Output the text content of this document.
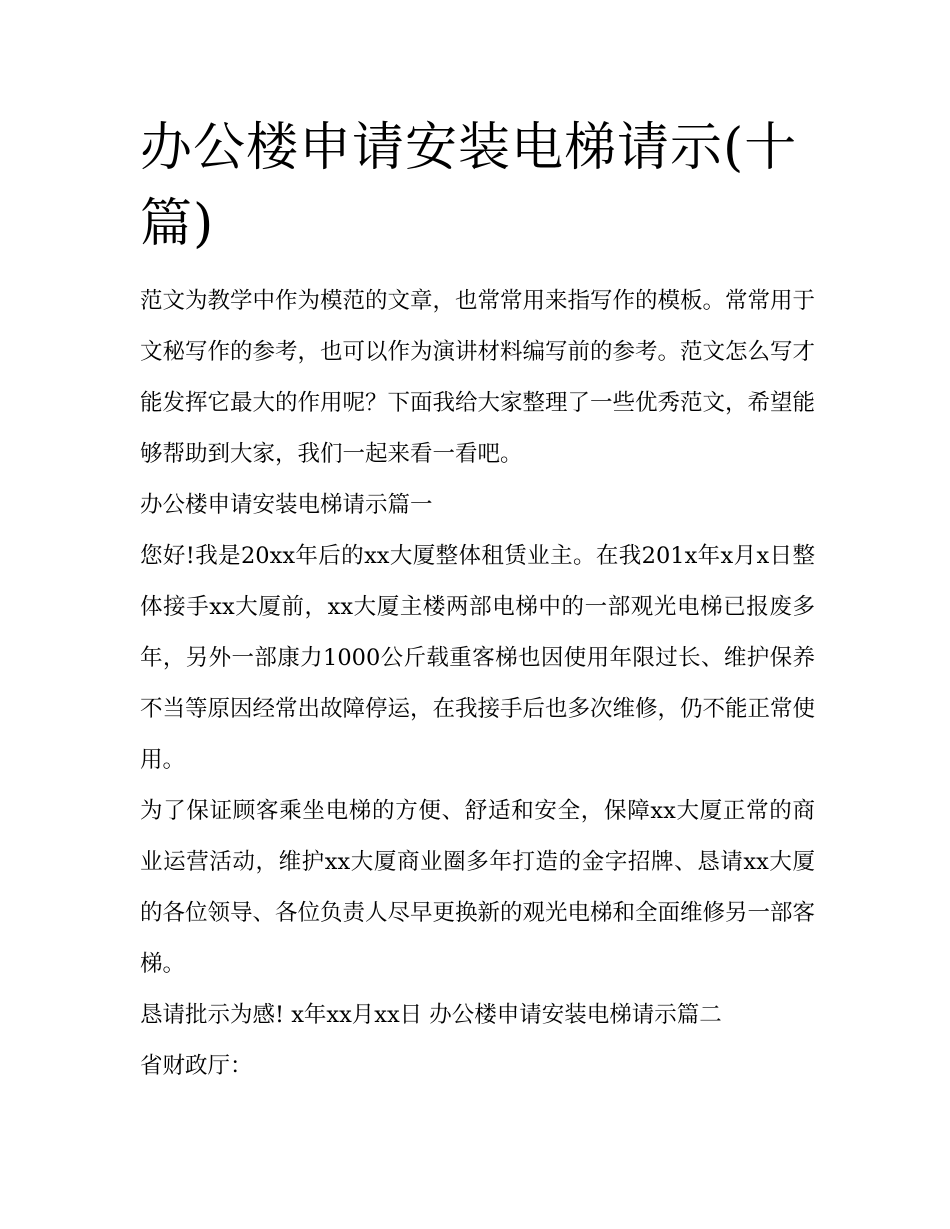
办公楼申请安装电梯请示(十篇)

范文为教学中作为模范的文章，也常常用来指写作的模板。常常用于文秘写作的参考，也可以作为演讲材料编写前的参考。范文怎么写才能发挥它最大的作用呢？下面我给大家整理了一些优秀范文，希望能够帮助到大家，我们一起来看一看吧。

办公楼申请安装电梯请示篇一

您好!我是20xx年后的xx大厦整体租赁业主。在我201x年x月x日整体接手xx大厦前，xx大厦主楼两部电梯中的一部观光电梯已报废多年，另外一部康力1000公斤载重客梯也因使用年限过长、维护保养不当等原因经常出故障停运，在我接手后也多次维修，仍不能正常使用。

为了保证顾客乘坐电梯的方便、舒适和安全，保障xx大厦正常的商业运营活动，维护xx大厦商业圈多年打造的金字招牌、恳请xx大厦的各位领导、各位负责人尽早更换新的观光电梯和全面维修另一部客梯。

恳请批示为感! x年xx月xx日 办公楼申请安装电梯请示篇二

省财政厅：
